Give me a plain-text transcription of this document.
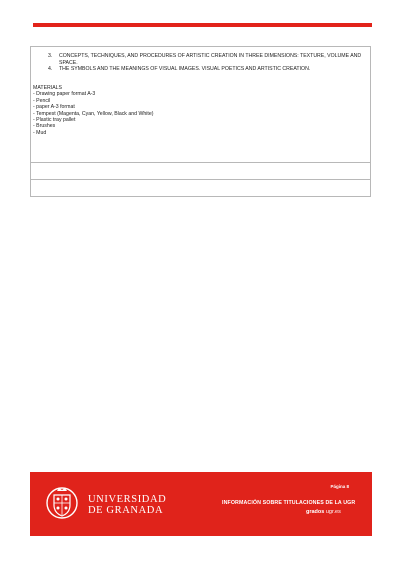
3. CONCEPTS, TECHNIQUES, AND PROCEDURES OF ARTISTIC CREATION IN THREE DIMENSIONS: TEXTURE, VOLUME AND SPACE.
4. THE SYMBOLS AND THE MEANINGS OF VISUAL IMAGES. VISUAL POETICS AND ARTISTIC CREATION.
MATERIALS
- Drawing paper format A-3
- Pencil
- paper A-3 format
- Tempest (Magenta, Cyan, Yellow, Black and White)
- Plastic tray pallet
- Brushes
- Mud
UNIVERSIDAD
DE GRANADA
Página 8
INFORMACIÓN SOBRE TITULACIONES DE LA UGR
grados ugr.es
